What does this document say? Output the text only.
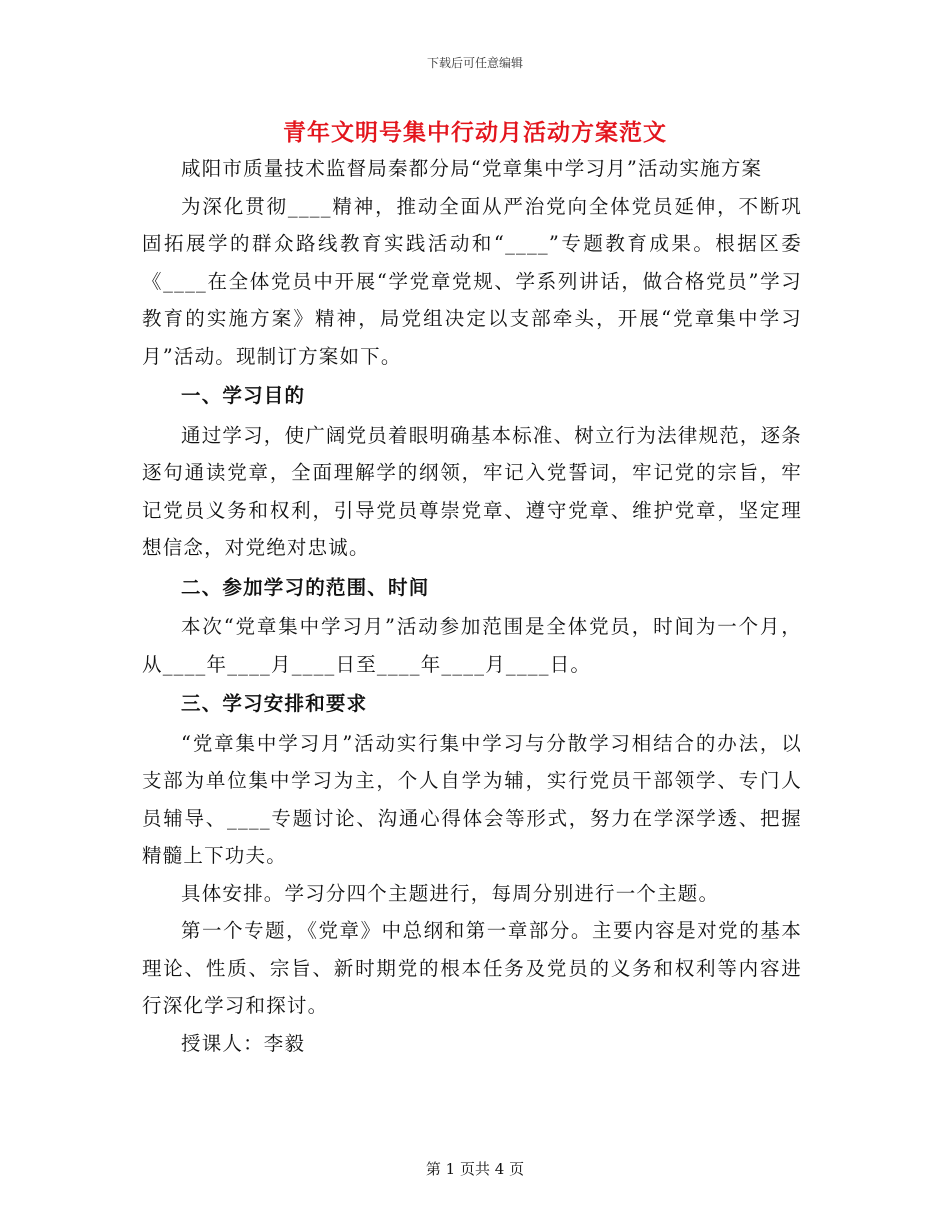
下载后可任意编辑
青年文明号集中行动月活动方案范文

咸阳市质量技术监督局秦都分局“党章集中学习月”活动实施方案

为深化贯彻____精神，推动全面从严治党向全体党员延伸，不断巩固拓展学的群众路线教育实践活动和“____”专题教育成果。根据区委《____在全体党员中开展“学党章党规、学系列讲话，做合格党员”学习教育的实施方案》精神，局党组决定以支部牵头，开展“党章集中学习月”活动。现制订方案如下。

一、学习目的

通过学习，使广阔党员着眼明确基本标准、树立行为法律规范，逐条逐句通读党章，全面理解学的纲领，牢记入党誓词，牢记党的宗旨，牢记党员义务和权利，引导党员尊崇党章、遵守党章、维护党章，坚定理想信念，对党绝对忠诚。

二、参加学习的范围、时间

本次“党章集中学习月”活动参加范围是全体党员，时间为一个月，从____年____月____日至____年____月____日。

三、学习安排和要求

“党章集中学习月”活动实行集中学习与分散学习相结合的办法，以支部为单位集中学习为主，个人自学为辅，实行党员干部领学、专门人员辅导、____专题讨论、沟通心得体会等形式，努力在学深学透、把握精髓上下功夫。

具体安排。学习分四个主题进行，每周分别进行一个主题。

第一个专题，《党章》中总纲和第一章部分。主要内容是对党的基本理论、性质、宗旨、新时期党的根本任务及党员的义务和权利等内容进行深化学习和探讨。

授课人：李毅

第 1 页共 4 页
